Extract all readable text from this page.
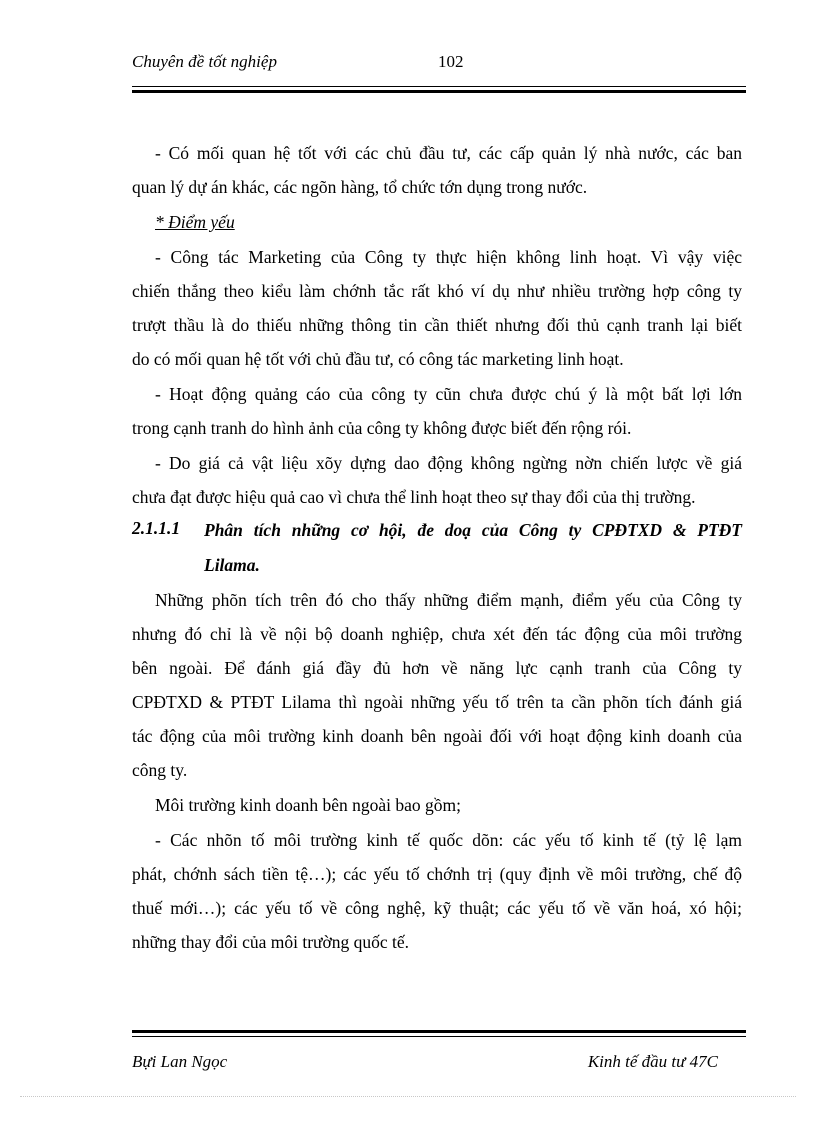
Chuyên đề tốt nghiệp	102
- Có mối quan hệ tốt với các chủ đầu tư, các cấp quản lý nhà nước, các ban
quan lý dự án khác, các ngõn hàng, tổ chức tớn dụng trong nước.
* Điểm yếu
- Công tác Marketing của Công ty thực hiện không linh hoạt. Vì vậy việc
chiến thắng theo kiểu làm chớnh tắc rất khó ví dụ như nhiều trường hợp công ty
trượt thầu là do thiếu những thông tin cần thiết nhưng đối thủ cạnh tranh lại biết
do có mối quan hệ tốt với chủ đầu tư, có công tác marketing linh hoạt.
- Hoạt động quảng cáo của công ty cũn chưa được chú ý là một bất lợi lớn
trong cạnh tranh do hình ảnh của công ty không được biết đến rộng rói.
- Do giá cả vật liệu xõy dựng dao động không ngừng nờn chiến lược về giá
chưa đạt được hiệu quả cao vì chưa thể linh hoạt theo sự thay đổi của thị trường.
2.1.1.1 Phân tích những cơ hội, đe doạ của Công ty CPĐTXD & PTĐT
Lilama.
Những phõn tích trên đó cho thấy những điểm mạnh, điểm yếu của Công ty
nhưng đó chỉ là về nội bộ doanh nghiệp, chưa xét đến tác động của môi trường
bên ngoài. Để đánh giá đầy đủ hơn về năng lực cạnh tranh của Công ty
CPĐTXD & PTĐT Lilama thì ngoài những yếu tố trên ta cần phõn tích đánh giá
tác động của môi trường kinh doanh bên ngoài đối với hoạt động kinh doanh của
công ty.
Môi trường kinh doanh bên ngoài bao gồm;
- Các nhõn tố môi trường kinh tế quốc dõn: các yếu tố kinh tế (tỷ lệ lạm
phát, chớnh sách tiền tệ…); các yếu tố chớnh trị (quy định về môi trường, chế độ
thuế mới…); các yếu tố về công nghệ, kỹ thuật; các yếu tố về văn hoá, xó hội;
những thay đổi của môi trường quốc tế.
Bựi Lan Ngọc	Kinh tế đầu tư 47C
